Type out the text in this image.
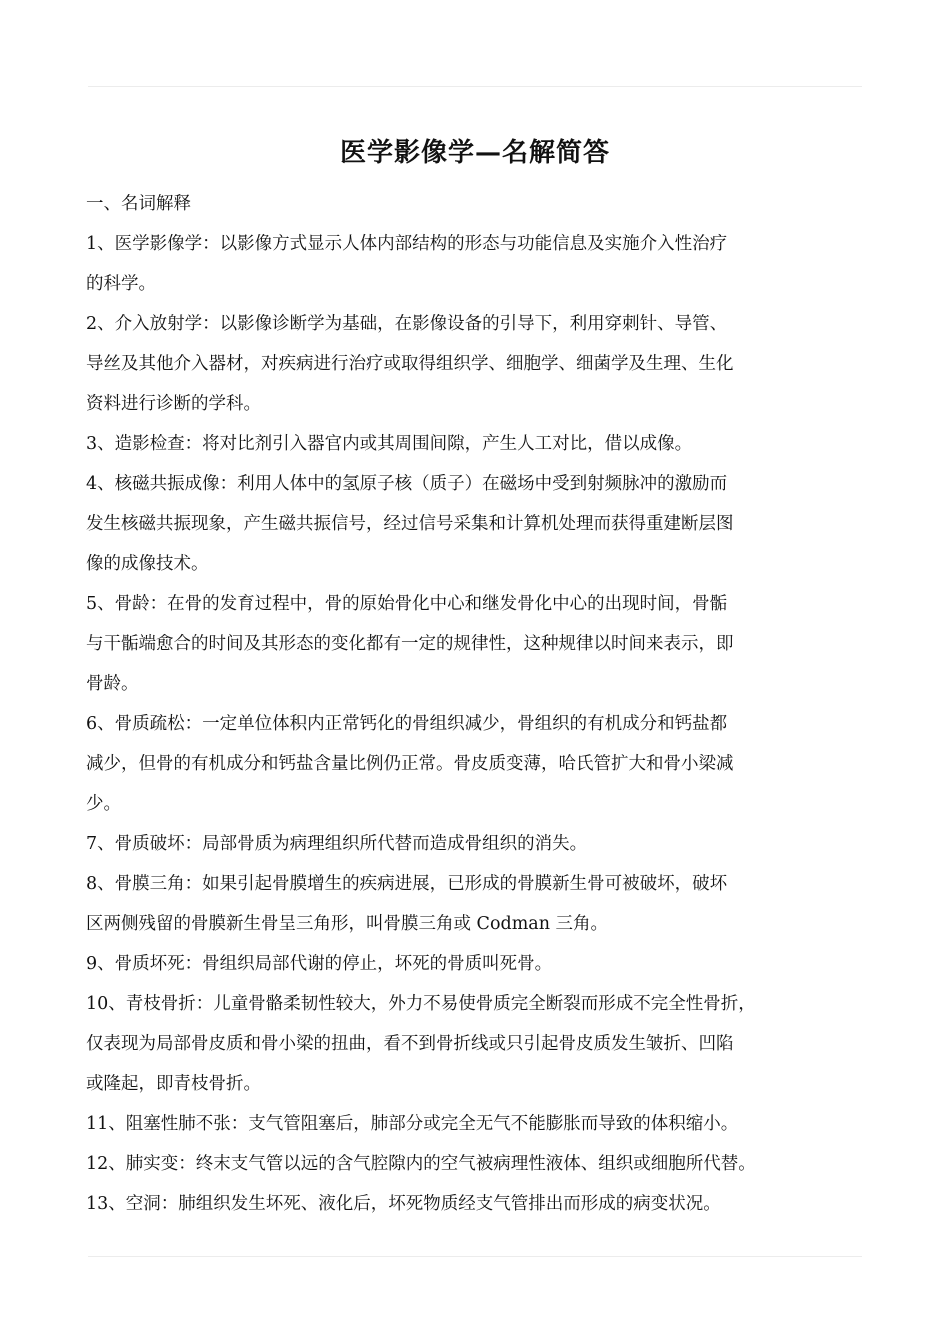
医学影像学—名解简答

一、名词解释

1、医学影像学：以影像方式显示人体内部结构的形态与功能信息及实施介入性治疗
的科学。

2、介入放射学：以影像诊断学为基础，在影像设备的引导下，利用穿刺针、导管、
导丝及其他介入器材，对疾病进行治疗或取得组织学、细胞学、细菌学及生理、生化
资料进行诊断的学科。

3、造影检查：将对比剂引入器官内或其周围间隙，产生人工对比，借以成像。

4、核磁共振成像：利用人体中的氢原子核（质子）在磁场中受到射频脉冲的激励而
发生核磁共振现象，产生磁共振信号，经过信号采集和计算机处理而获得重建断层图
像的成像技术。

5、骨龄：在骨的发育过程中，骨的原始骨化中心和继发骨化中心的出现时间，骨骺
与干骺端愈合的时间及其形态的变化都有一定的规律性，这种规律以时间来表示，即
骨龄。

6、骨质疏松：一定单位体积内正常钙化的骨组织减少，骨组织的有机成分和钙盐都
减少，但骨的有机成分和钙盐含量比例仍正常。骨皮质变薄，哈氏管扩大和骨小梁减
少。

7、骨质破坏：局部骨质为病理组织所代替而造成骨组织的消失。

8、骨膜三角：如果引起骨膜增生的疾病进展，已形成的骨膜新生骨可被破坏，破坏
区两侧残留的骨膜新生骨呈三角形，叫骨膜三角或 Codman 三角。

9、骨质坏死：骨组织局部代谢的停止，坏死的骨质叫死骨。

10、青枝骨折：儿童骨骼柔韧性较大，外力不易使骨质完全断裂而形成不完全性骨折，
仅表现为局部骨皮质和骨小梁的扭曲，看不到骨折线或只引起骨皮质发生皱折、凹陷
或隆起，即青枝骨折。

11、阻塞性肺不张：支气管阻塞后，肺部分或完全无气不能膨胀而导致的体积缩小。

12、肺实变：终末支气管以远的含气腔隙内的空气被病理性液体、组织或细胞所代替。

13、空洞：肺组织发生坏死、液化后，坏死物质经支气管排出而形成的病变状况。
